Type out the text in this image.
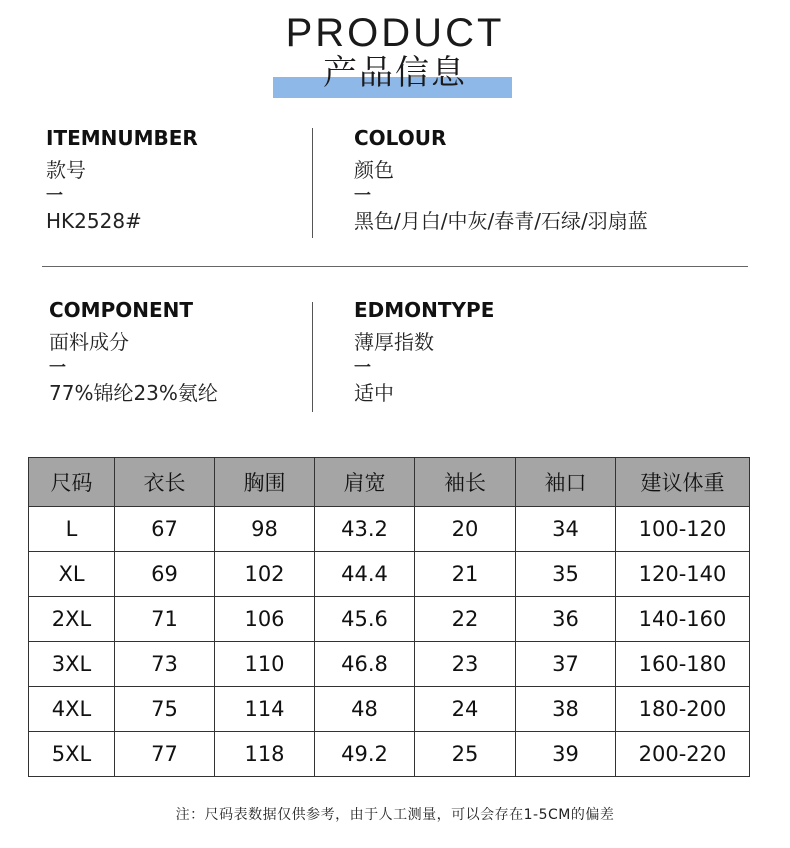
PRODUCT
产品信息
ITEMNUMBER
款号
一
HK2528#
COLOUR
颜色
一
黑色/月白/中灰/春青/石绿/羽扇蓝
COMPONENT
面料成分
一
77%锦纶23%氨纶
EDMONTYPE
薄厚指数
一
适中
尺码	衣长	胸围	肩宽	袖长	袖口	建议体重
L	67	98	43.2	20	34	100-120
XL	69	102	44.4	21	35	120-140
2XL	71	106	45.6	22	36	140-160
3XL	73	110	46.8	23	37	160-180
4XL	75	114	48	24	38	180-200
5XL	77	118	49.2	25	39	200-220
注：尺码表数据仅供参考，由于人工测量，可以会存在1-5CM的偏差
